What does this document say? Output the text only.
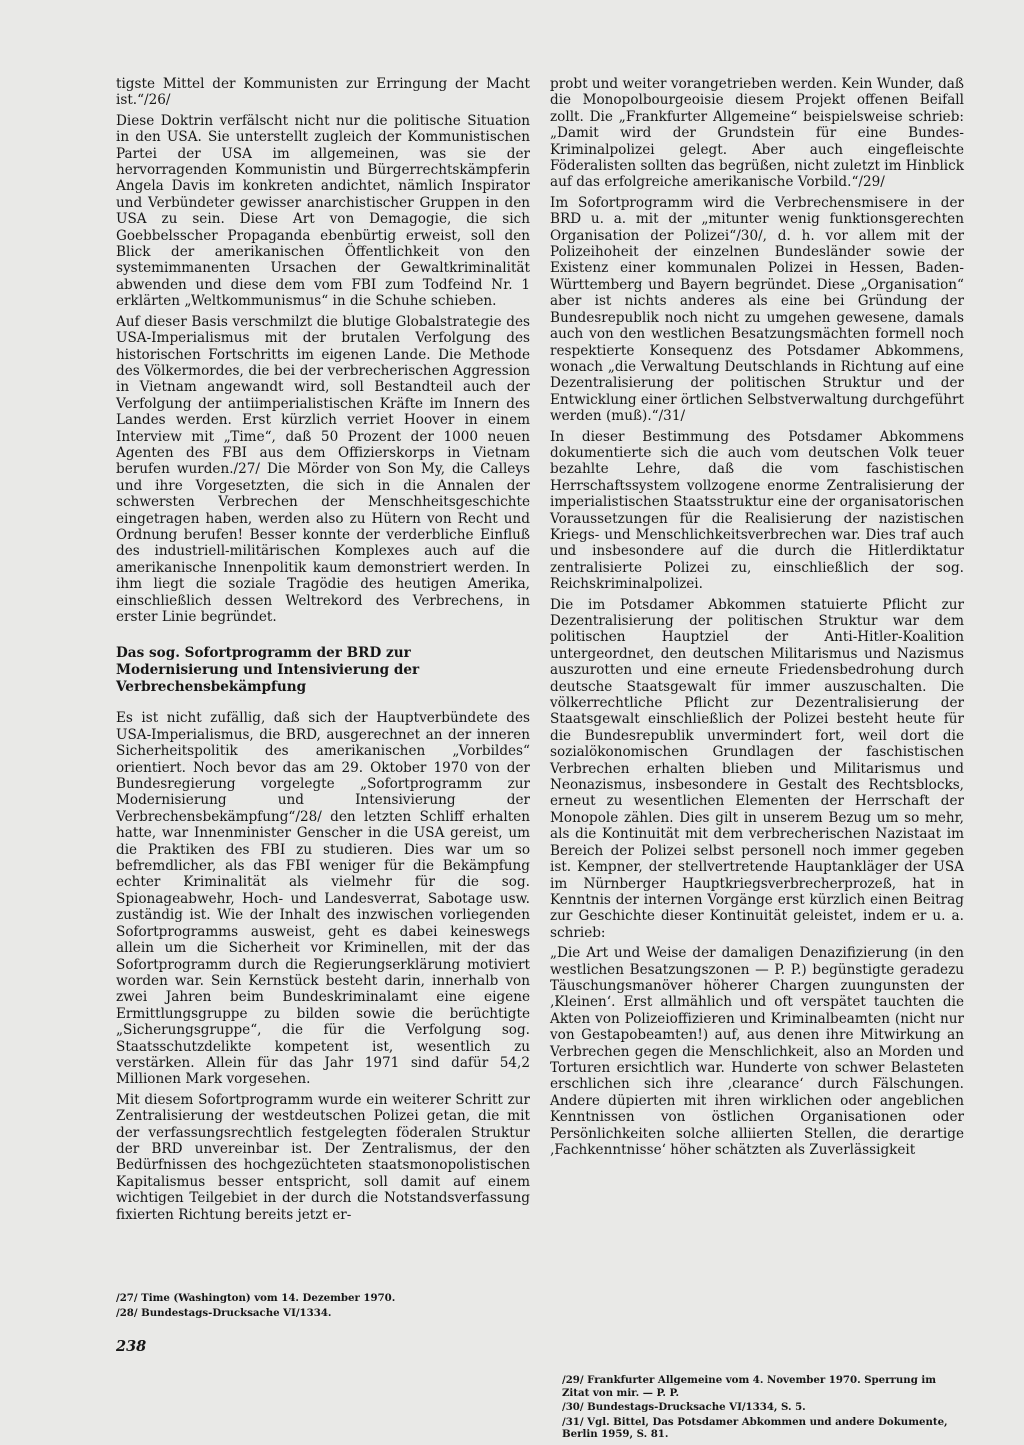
tigste Mittel der Kommunisten zur Erringung der Macht ist.“/26/

Diese Doktrin verfälscht nicht nur die politische Situation in den USA. Sie unterstellt zugleich der Kommunistischen Partei der USA im allgemeinen, was sie der hervorragenden Kommunistin und Bürgerrechtskämpferin Angela Davis im konkreten andichtet, nämlich Inspirator und Verbündeter gewisser anarchistischer Gruppen in den USA zu sein. Diese Art von Demagogie, die sich Goebbelsscher Propaganda ebenbürtig erweist, soll den Blick der amerikanischen Öffentlichkeit von den systemimmanenten Ursachen der Gewaltkriminalität abwenden und diese dem vom FBI zum Todfeind Nr. 1 erklärten „Weltkommunismus“ in die Schuhe schieben.

Auf dieser Basis verschmilzt die blutige Globalstrategie des USA-Imperialismus mit der brutalen Verfolgung des historischen Fortschritts im eigenen Lande. Die Methode des Völkermordes, die bei der verbrecherischen Aggression in Vietnam angewandt wird, soll Bestandteil auch der Verfolgung der antiimperialistischen Kräfte im Innern des Landes werden. Erst kürzlich verriet Hoover in einem Interview mit „Time“, daß 50 Prozent der 1000 neuen Agenten des FBI aus dem Offizierskorps in Vietnam berufen wurden./27/ Die Mörder von Son My, die Calleys und ihre Vorgesetzten, die sich in die Annalen der schwersten Verbrechen der Menschheitsgeschichte eingetragen haben, werden also zu Hütern von Recht und Ordnung berufen! Besser konnte der verderbliche Einfluß des industriell-militärischen Komplexes auch auf die amerikanische Innenpolitik kaum demonstriert werden. In ihm liegt die soziale Tragödie des heutigen Amerika, einschließlich dessen Weltrekord des Verbrechens, in erster Linie begründet.

Das sog. Sofortprogramm der BRD zur Modernisierung und Intensivierung der Verbrechensbekämpfung

Es ist nicht zufällig, daß sich der Hauptverbündete des USA-Imperialismus, die BRD, ausgerechnet an der inneren Sicherheitspolitik des amerikanischen „Vorbildes“ orientiert. Noch bevor das am 29. Oktober 1970 von der Bundesregierung vorgelegte „Sofortprogramm zur Modernisierung und Intensivierung der Verbrechensbekämpfung“/28/ den letzten Schliff erhalten hatte, war Innenminister Genscher in die USA gereist, um die Praktiken des FBI zu studieren. Dies war um so befremdlicher, als das FBI weniger für die Bekämpfung echter Kriminalität als vielmehr für die sog. Spionageabwehr, Hoch- und Landesverrat, Sabotage usw. zuständig ist. Wie der Inhalt des inzwischen vorliegenden Sofortprogramms ausweist, geht es dabei keineswegs allein um die Sicherheit vor Kriminellen, mit der das Sofortprogramm durch die Regierungserklärung motiviert worden war. Sein Kernstück besteht darin, innerhalb von zwei Jahren beim Bundeskriminalamt eine eigene Ermittlungsgruppe zu bilden sowie die berüchtigte „Sicherungsgruppe“, die für die Verfolgung sog. Staatsschutzdelikte kompetent ist, wesentlich zu verstärken. Allein für das Jahr 1971 sind dafür 54,2 Millionen Mark vorgesehen.

Mit diesem Sofortprogramm wurde ein weiterer Schritt zur Zentralisierung der westdeutschen Polizei getan, die mit der verfassungsrechtlich festgelegten föderalen Struktur der BRD unvereinbar ist. Der Zentralismus, der den Bedürfnissen des hochgezüchteten staatsmonopolistischen Kapitalismus besser entspricht, soll damit auf einem wichtigen Teilgebiet in der durch die Notstandsverfassung fixierten Richtung bereits jetzt er-

/27/ Time (Washington) vom 14. Dezember 1970.

/28/ Bundestags-Drucksache VI/1334.

238

probt und weiter vorangetrieben werden. Kein Wunder, daß die Monopolbourgeoisie diesem Projekt offenen Beifall zollt. Die „Frankfurter Allgemeine“ beispielsweise schrieb: „Damit wird der Grundstein für eine Bundes-Kriminalpolizei gelegt. Aber auch eingefleischte Föderalisten sollten das begrüßen, nicht zuletzt im Hinblick auf das erfolgreiche amerikanische Vorbild.“/29/

Im Sofortprogramm wird die Verbrechensmisere in der BRD u. a. mit der „mitunter wenig funktionsgerechten Organisation der Polizei“/30/, d. h. vor allem mit der Polizeihoheit der einzelnen Bundesländer sowie der Existenz einer kommunalen Polizei in Hessen, Baden-Württemberg und Bayern begründet. Diese „Organisation“ aber ist nichts anderes als eine bei Gründung der Bundesrepublik noch nicht zu umgehen gewesene, damals auch von den westlichen Besatzungsmächten formell noch respektierte Konsequenz des Potsdamer Abkommens, wonach „die Verwaltung Deutschlands in Richtung auf eine Dezentralisierung der politischen Struktur und der Entwicklung einer örtlichen Selbstverwaltung durchgeführt werden (muß).“/31/

In dieser Bestimmung des Potsdamer Abkommens dokumentierte sich die auch vom deutschen Volk teuer bezahlte Lehre, daß die vom faschistischen Herrschaftssystem vollzogene enorme Zentralisierung der imperialistischen Staatsstruktur eine der organisatorischen Voraussetzungen für die Realisierung der nazistischen Kriegs- und Menschlichkeitsverbrechen war. Dies traf auch und insbesondere auf die durch die Hitlerdiktatur zentralisierte Polizei zu, einschließlich der sog. Reichskriminalpolizei.

Die im Potsdamer Abkommen statuierte Pflicht zur Dezentralisierung der politischen Struktur war dem politischen Hauptziel der Anti-Hitler-Koalition untergeordnet, den deutschen Militarismus und Nazismus auszurotten und eine erneute Friedensbedrohung durch deutsche Staatsgewalt für immer auszuschalten. Die völkerrechtliche Pflicht zur Dezentralisierung der Staatsgewalt einschließlich der Polizei besteht heute für die Bundesrepublik unvermindert fort, weil dort die sozialökonomischen Grundlagen der faschistischen Verbrechen erhalten blieben und Militarismus und Neonazismus, insbesondere in Gestalt des Rechtsblocks, erneut zu wesentlichen Elementen der Herrschaft der Monopole zählen. Dies gilt in unserem Bezug um so mehr, als die Kontinuität mit dem verbrecherischen Nazistaat im Bereich der Polizei selbst personell noch immer gegeben ist. Kempner, der stellvertretende Hauptankläger der USA im Nürnberger Hauptkriegsverbrecherprozeß, hat in Kenntnis der internen Vorgänge erst kürzlich einen Beitrag zur Geschichte dieser Kontinuität geleistet, indem er u. a. schrieb:

„Die Art und Weise der damaligen Denazifizierung (in den westlichen Besatzungszonen — P. P.) begünstigte geradezu Täuschungsmanöver höherer Chargen zuungunsten der ‚Kleinen‘. Erst allmählich und oft verspätet tauchten die Akten von Polizeioffizieren und Kriminalbeamten (nicht nur von Gestapobeamten!) auf, aus denen ihre Mitwirkung an Verbrechen gegen die Menschlichkeit, also an Morden und Torturen ersichtlich war. Hunderte von schwer Belasteten erschlichen sich ihre ‚clearance‘ durch Fälschungen. Andere düpierten mit ihren wirklichen oder angeblichen Kenntnissen von östlichen Organisationen oder Persönlichkeiten solche alliierten Stellen, die derartige ‚Fachkenntnisse‘ höher schätzten als Zuverlässigkeit

/29/ Frankfurter Allgemeine vom 4. November 1970. Sperrung im Zitat von mir. — P. P.

/30/ Bundestags-Drucksache VI/1334, S. 5.

/31/ Vgl. Bittel, Das Potsdamer Abkommen und andere Dokumente, Berlin 1959, S. 81.
